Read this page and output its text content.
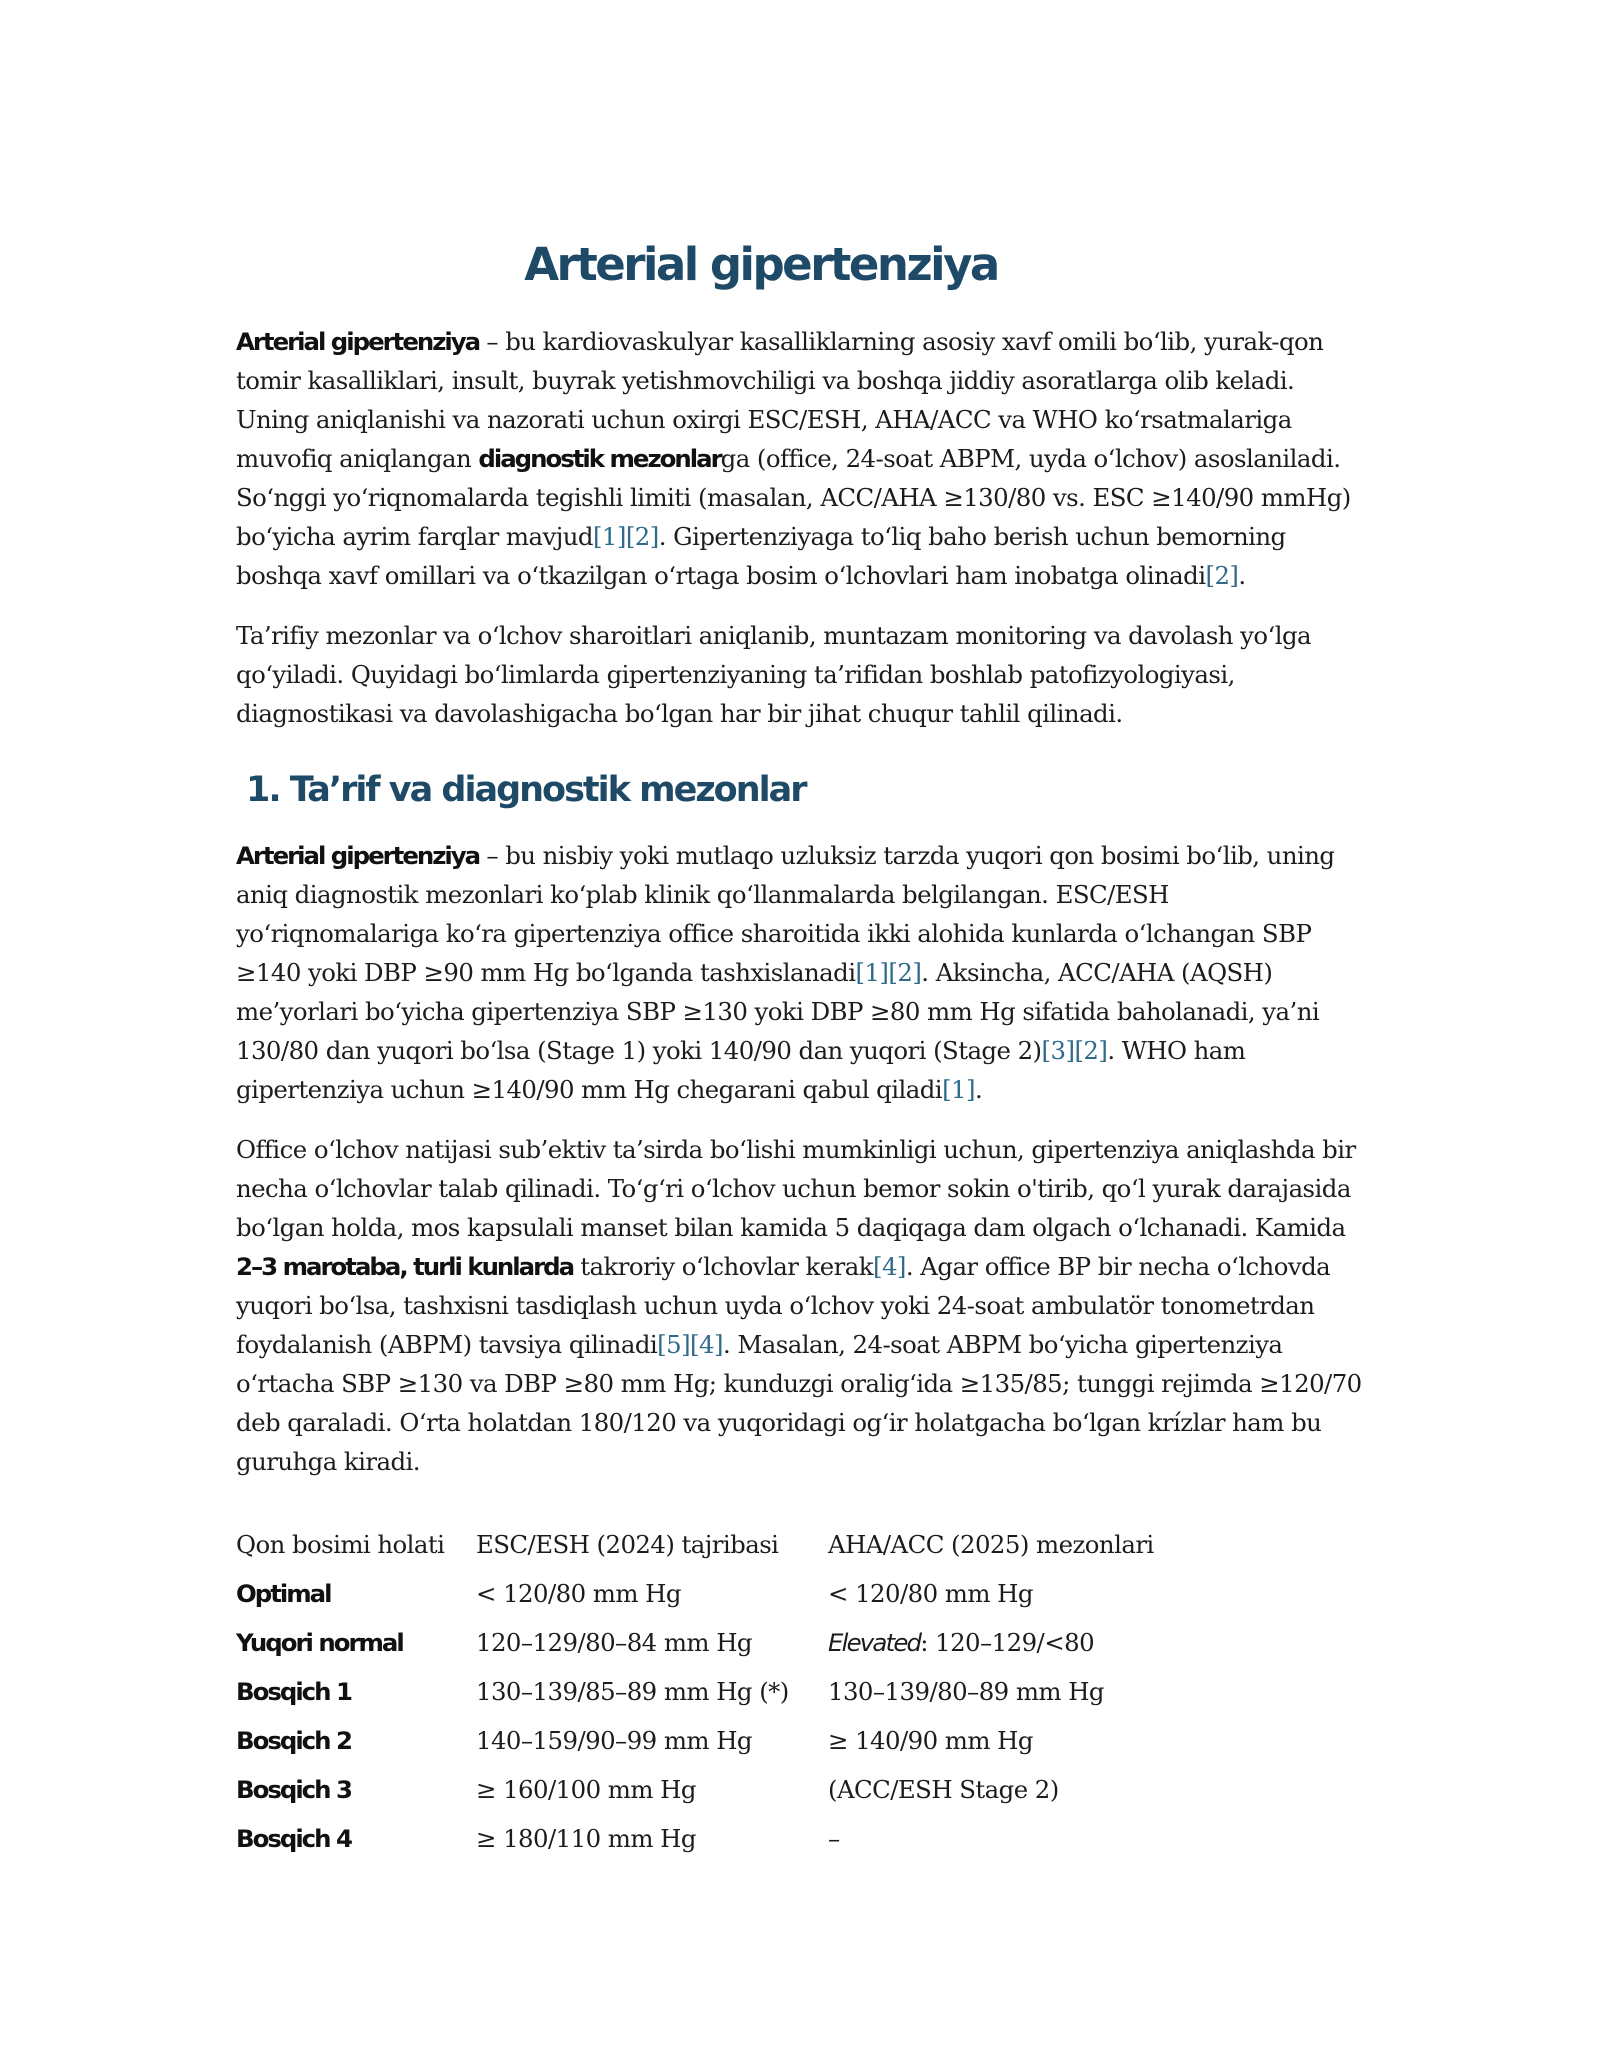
Arterial gipertenziya

Arterial gipertenziya – bu kardiovaskulyar kasalliklarning asosiy xavf omili bo‘lib, yurak-qon tomir kasalliklari, insult, buyrak yetishmovchiligi va boshqa jiddiy asoratlarga olib keladi. Uning aniqlanishi va nazorati uchun oxirgi ESC/ESH, AHA/ACC va WHO ko‘rsatmalariga muvofiq aniqlangan diagnostik mezonlarga (office, 24-soat ABPM, uyda o‘lchov) asoslaniladi. So‘nggi yo‘riqnomalarda tegishli limiti (masalan, ACC/AHA ≥130/80 vs. ESC ≥140/90 mmHg) bo‘yicha ayrim farqlar mavjud[1][2]. Gipertenziyaga to‘liq baho berish uchun bemorning boshqa xavf omillari va o‘tkazilgan o‘rtaga bosim o‘lchovlari ham inobatga olinadi[2].

Ta’rifiy mezonlar va o‘lchov sharoitlari aniqlanib, muntazam monitoring va davolash yo‘lga qo‘yiladi. Quyidagi bo‘limlarda gipertenziyaning ta’rifidan boshlab patofizyologiyasi, diagnostikasi va davolashigacha bo‘lgan har bir jihat chuqur tahlil qilinadi.

1. Ta’rif va diagnostik mezonlar

Arterial gipertenziya – bu nisbiy yoki mutlaqo uzluksiz tarzda yuqori qon bosimi bo‘lib, uning aniq diagnostik mezonlari ko‘plab klinik qo‘llanmalarda belgilangan. ESC/ESH yo‘riqnomalariga ko‘ra gipertenziya office sharoitida ikki alohida kunlarda o‘lchangan SBP ≥140 yoki DBP ≥90 mm Hg bo‘lganda tashxislanadi[1][2]. Aksincha, ACC/AHA (AQSH) me’yorlari bo‘yicha gipertenziya SBP ≥130 yoki DBP ≥80 mm Hg sifatida baholanadi, ya’ni 130/80 dan yuqori bo‘lsa (Stage 1) yoki 140/90 dan yuqori (Stage 2)[3][2]. WHO ham gipertenziya uchun ≥140/90 mm Hg chegarani qabul qiladi[1].

Office o‘lchov natijasi sub’ektiv ta’sirda bo‘lishi mumkinligi uchun, gipertenziya aniqlashda bir necha o‘lchovlar talab qilinadi. To‘g‘ri o‘lchov uchun bemor sokin o'tirib, qo‘l yurak darajasida bo‘lgan holda, mos kapsulali manset bilan kamida 5 daqiqaga dam olgach o‘lchanadi. Kamida 2–3 marotaba, turli kunlarda takroriy o‘lchovlar kerak[4]. Agar office BP bir necha o‘lchovda yuqori bo‘lsa, tashxisni tasdiqlash uchun uyda o‘lchov yoki 24-soat ambulatör tonometrdan foydalanish (ABPM) tavsiya qilinadi[5][4]. Masalan, 24-soat ABPM bo‘yicha gipertenziya o‘rtacha SBP ≥130 va DBP ≥80 mm Hg; kunduzgi oralig‘ida ≥135/85; tunggi rejimda ≥120/70 deb qaraladi. O‘rta holatdan 180/120 va yuqoridagi og‘ir holatgacha bo‘lgan krízlar ham bu guruhga kiradi.

Qon bosimi holati	ESC/ESH (2024) tajribasi	AHA/ACC (2025) mezonlari
Optimal	< 120/80 mm Hg	< 120/80 mm Hg
Yuqori normal	120–129/80–84 mm Hg	Elevated: 120–129/<80
Bosqich 1	130–139/85–89 mm Hg (*)	130–139/80–89 mm Hg
Bosqich 2	140–159/90–99 mm Hg	≥ 140/90 mm Hg
Bosqich 3	≥ 160/100 mm Hg	(ACC/ESH Stage 2)
Bosqich 4	≥ 180/110 mm Hg	–
